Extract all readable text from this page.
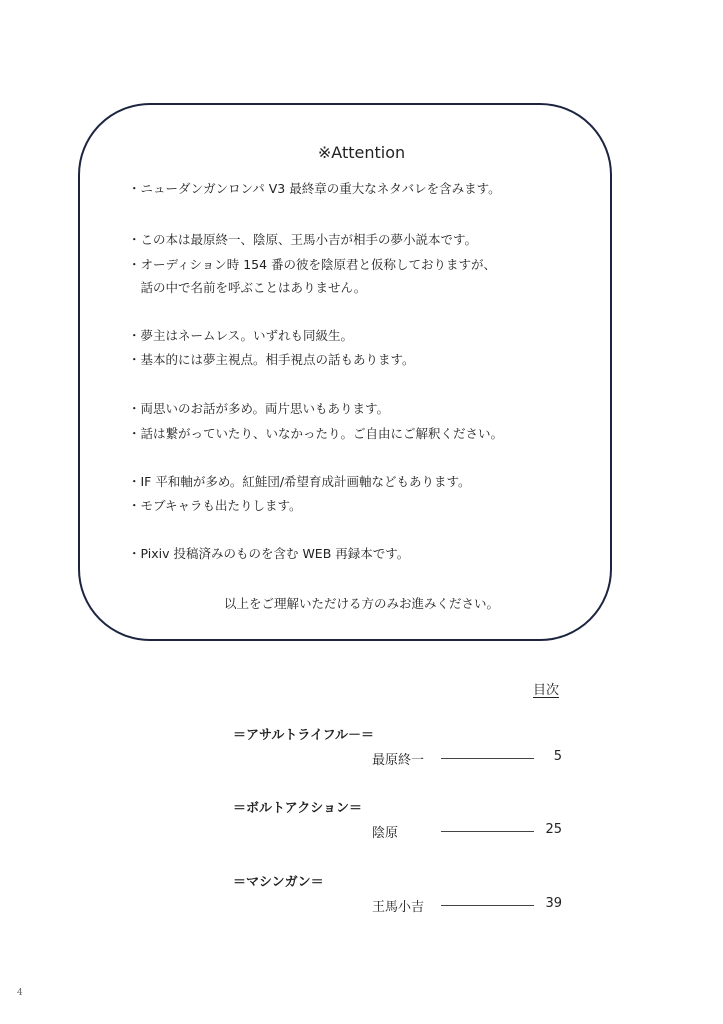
※Attention
・ニューダンガンロンパ V3 最終章の重大なネタバレを含みます。
・この本は最原終一、陰原、王馬小吉が相手の夢小説本です。
・オーディション時 154 番の彼を陰原君と仮称しておりますが、
　話の中で名前を呼ぶことはありません。
・夢主はネームレス。いずれも同級生。
・基本的には夢主視点。相手視点の話もあります。
・両思いのお話が多め。両片思いもあります。
・話は繋がっていたり、いなかったり。ご自由にご解釈ください。
・IF 平和軸が多め。紅鮭団/希望育成計画軸などもあります。
・モブキャラも出たりします。
・Pixiv 投稿済みのものを含む WEB 再録本です。
以上をご理解いただける方のみお進みください。
目次
＝アサルトライフル－＝
最原終一	5
＝ボルトアクション＝
陰原	25
＝マシンガン＝
王馬小吉	39
4
